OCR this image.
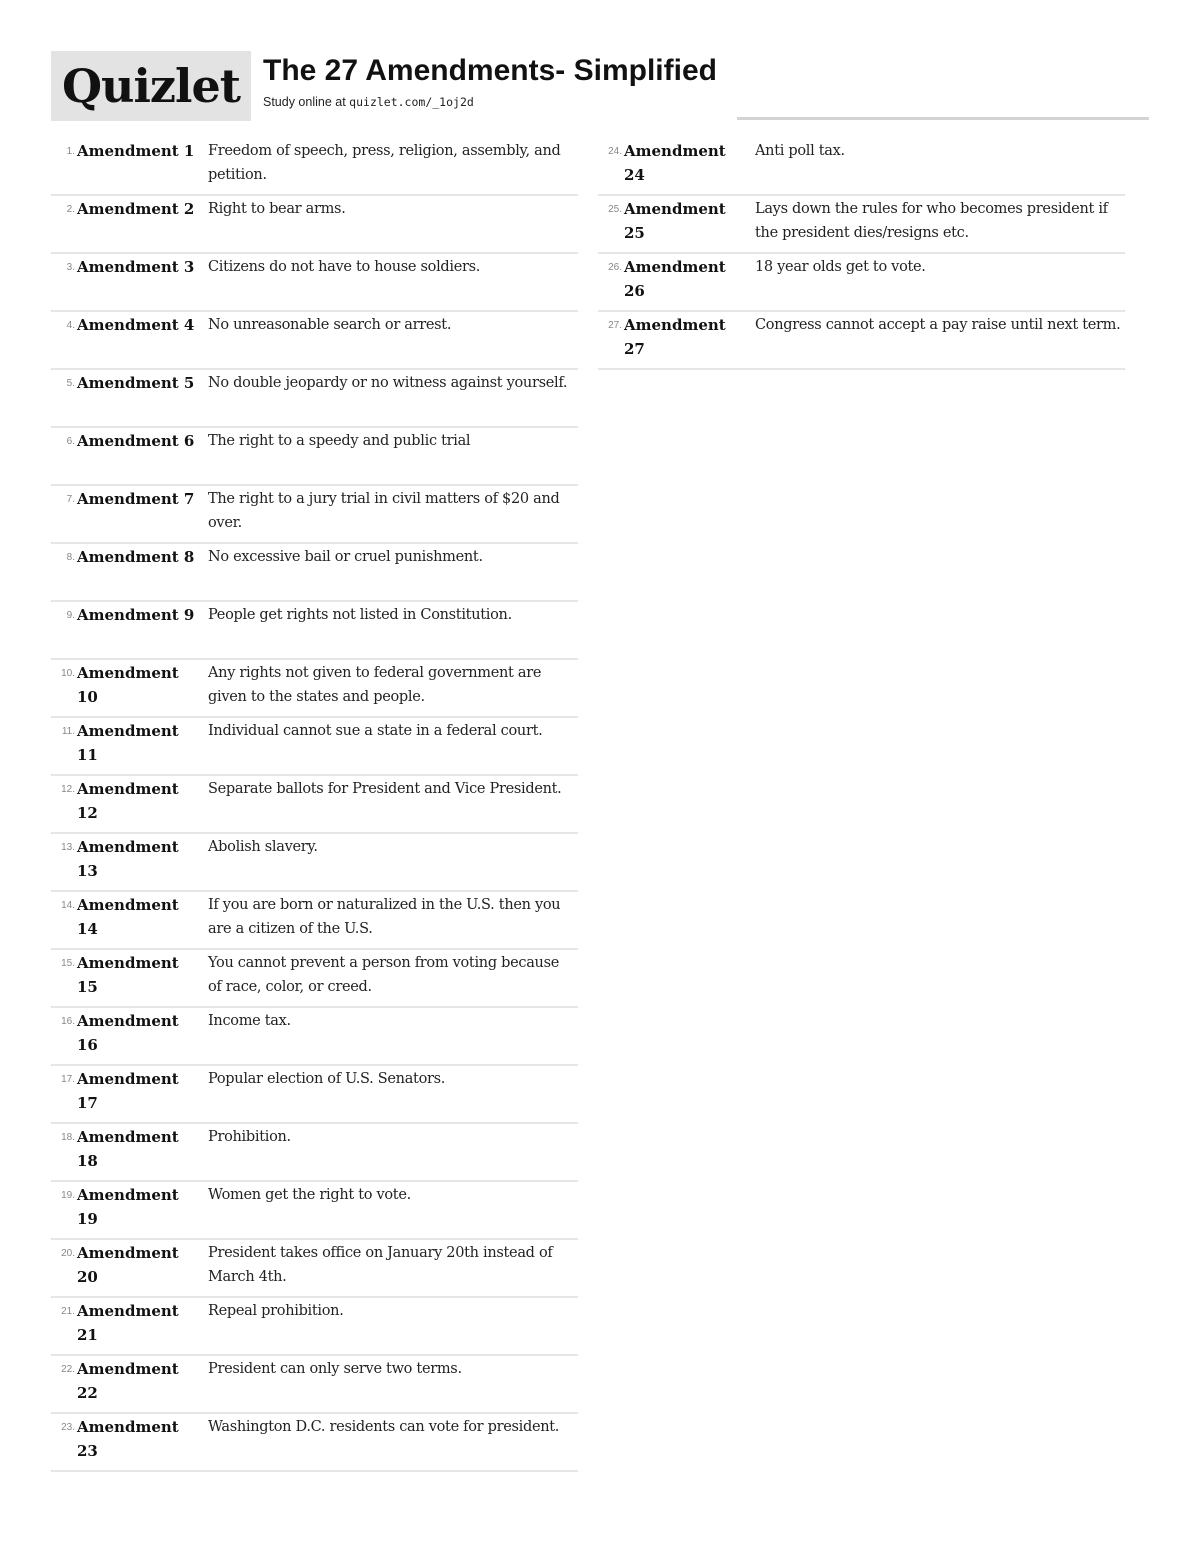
Quizlet The 27 Amendments- Simplified
Study online at quizlet.com/_1oj2d
1. Amendment 1 Freedom of speech, press, religion, assembly, and petition.
2. Amendment 2 Right to bear arms.
3. Amendment 3 Citizens do not have to house soldiers.
4. Amendment 4 No unreasonable search or arrest.
5. Amendment 5 No double jeopardy or no witness against yourself.
6. Amendment 6 The right to a speedy and public trial
7. Amendment 7 The right to a jury trial in civil matters of $20 and over.
8. Amendment 8 No excessive bail or cruel punishment.
9. Amendment 9 People get rights not listed in Constitution.
10. Amendment 10
Any rights not given to federal government are given to the states and people.
11. Amendment 11
Individual cannot sue a state in a federal court.
12. Amendment 12
Separate ballots for President and Vice President.
13. Amendment 13
Abolish slavery.
14. Amendment 14
If you are born or naturalized in the U.S. then you are a citizen of the U.S.
15. Amendment 15
You cannot prevent a person from voting because of race, color, or creed.
16. Amendment 16
Income tax.
17. Amendment 17
Popular election of U.S. Senators.
18. Amendment 18
Prohibition.
19. Amendment 19
Women get the right to vote.
20. Amendment 20
President takes office on January 20th instead of March 4th.
21. Amendment 21
Repeal prohibition.
22. Amendment 22
President can only serve two terms.
23. Amendment 23
Washington D.C. residents can vote for president.
24. Amendment 24
Anti poll tax.
25. Amendment 25
Lays down the rules for who becomes president if the president dies/resigns etc.
26. Amendment 26
18 year olds get to vote.
27. Amendment 27
Congress cannot accept a pay raise until next term.
